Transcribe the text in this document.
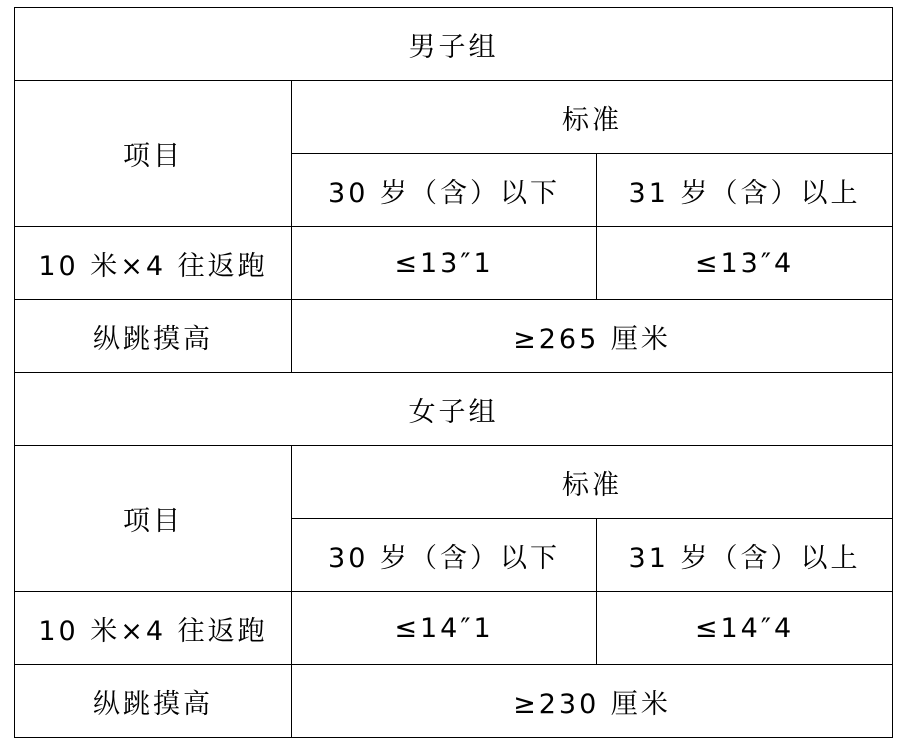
男子组		
项目	标准	
	30 岁（含）以下	31 岁（含）以上
10 米×4 往返跑	≤13″1	≤13″4
纵跳摸高	≥265 厘米	
女子组		
项目	标准	
	30 岁（含）以下	31 岁（含）以上
10 米×4 往返跑	≤14″1	≤14″4
纵跳摸高	≥230 厘米	
